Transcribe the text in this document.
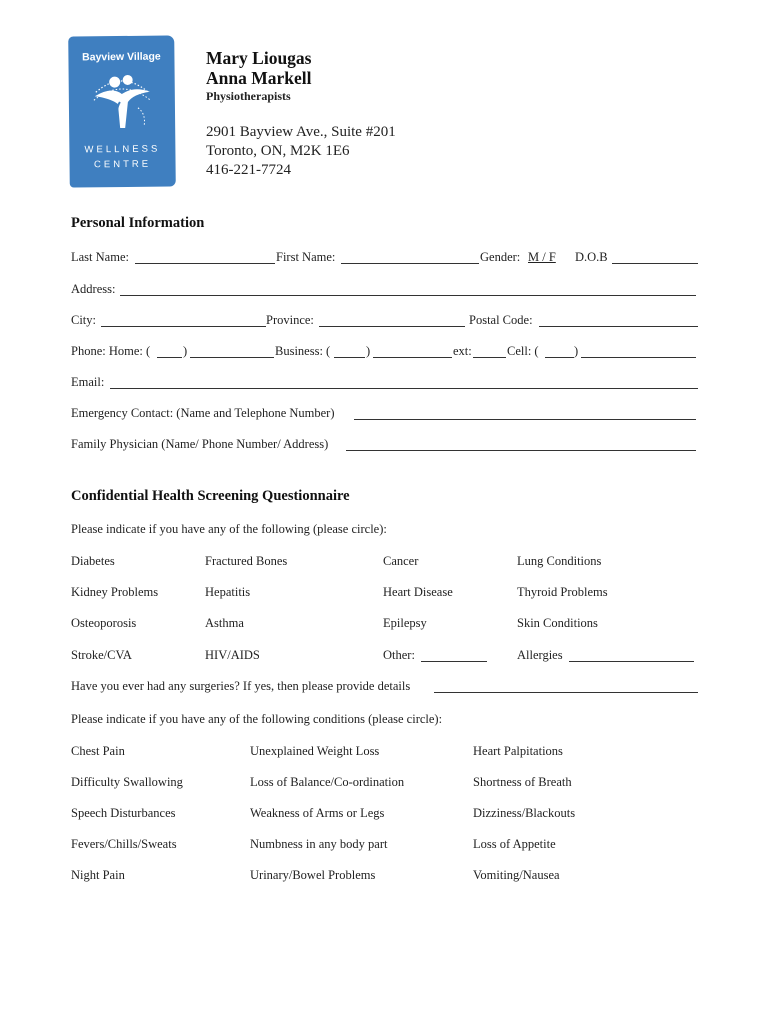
Bayview Village
WELLNESS
CENTRE
Mary Liougas
Anna Markell
Physiotherapists
2901 Bayview Ave., Suite #201
Toronto, ON, M2K 1E6
416-221-7724
Personal Information
Last Name:	First Name:	Gender: M / F D.O.B
Address:
City:	Province:	Postal Code:
Phone: Home: (	)	Business: (	)	ext:	Cell: (	)
Email:
Emergency Contact: (Name and Telephone Number)
Family Physician (Name/ Phone Number/ Address)
Confidential Health Screening Questionnaire
Please indicate if you have any of the following (please circle):
Diabetes	Fractured Bones	Cancer	Lung Conditions
Kidney Problems	Hepatitis	Heart Disease	Thyroid Problems
Osteoporosis	Asthma	Epilepsy	Skin Conditions
Stroke/CVA	HIV/AIDS	Other:	Allergies
Have you ever had any surgeries? If yes, then please provide details
Please indicate if you have any of the following conditions (please circle):
Chest Pain	Unexplained Weight Loss	Heart Palpitations
Difficulty Swallowing	Loss of Balance/Co-ordination	Shortness of Breath
Speech Disturbances	Weakness of Arms or Legs	Dizziness/Blackouts
Fevers/Chills/Sweats	Numbness in any body part	Loss of Appetite
Night Pain	Urinary/Bowel Problems	Vomiting/Nausea
